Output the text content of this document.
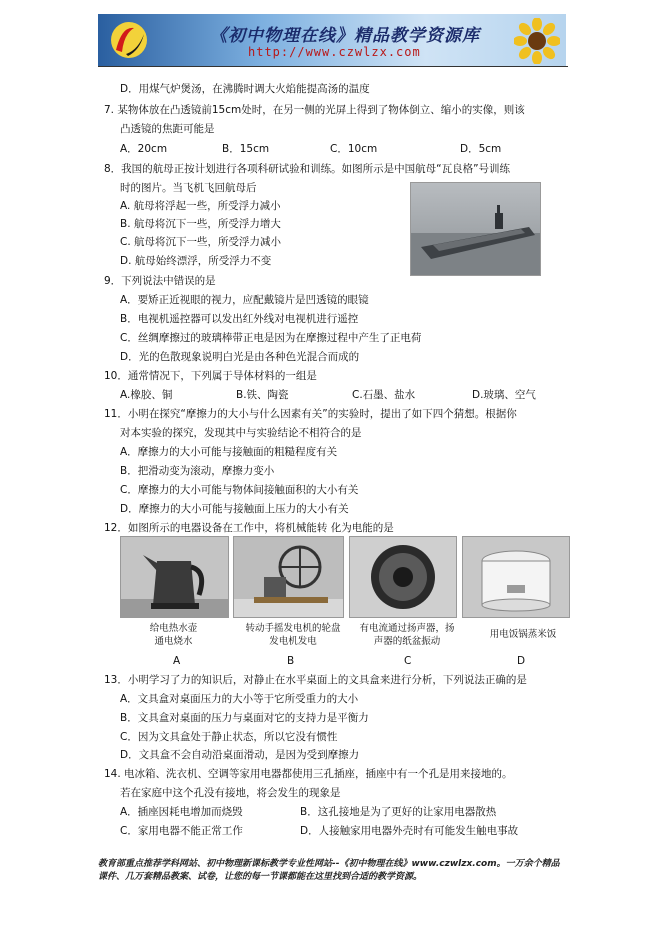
《初中物理在线》精品教学资源库
http://www.czwlzx.com
D．用煤气炉煲汤，在沸腾时调大火焰能提高汤的温度
7. 某物体放在凸透镜前15cm处时，在另一侧的光屏上得到了物体倒立、缩小的实像，则该
凸透镜的焦距可能是
A．20cm	B．15cm	C．10cm	D．5cm
8．我国的航母正按计划进行各项科研试验和训练。如图所示是中国航母“瓦良格”号训练
时的图片。当飞机飞回航母后
A. 航母将浮起一些，所受浮力减小
B. 航母将沉下一些，所受浮力增大
C. 航母将沉下一些，所受浮力减小
D. 航母始终漂浮，所受浮力不变
9．下列说法中错误的是
A．要矫正近视眼的视力，应配戴镜片是凹透镜的眼镜
B．电视机遥控器可以发出红外线对电视机进行遥控
C．丝绸摩擦过的玻璃棒带正电是因为在摩擦过程中产生了正电荷
D．光的色散现象说明白光是由各种色光混合而成的
10．通常情况下，下列属于导体材料的一组是
A.橡胶、铜	B.铁、陶瓷	C.石墨、盐水	D.玻璃、空气
11．小明在探究“摩擦力的大小与什么因素有关”的实验时，提出了如下四个猜想。根据你
对本实验的探究，发现其中与实验结论不相符合的是
A．摩擦力的大小可能与接触面的粗糙程度有关
B．把滑动变为滚动，摩擦力变小
C．摩擦力的大小可能与物体间接触面积的大小有关
D．摩擦力的大小可能与接触面上压力的大小有关
12．如图所示的电器设备在工作中，将机械能转 化为电能的是
给电热水壶
通电烧水
转动手摇发电机的轮盘
发电机发电
有电流通过扬声器，扬
声器的纸盆振动
用电饭锅蒸米饭
A	B	C	D
13．小明学习了力的知识后，对静止在水平桌面上的文具盒来进行分析，下列说法正确的是
A．文具盒对桌面压力的大小等于它所受重力的大小
B．文具盒对桌面的压力与桌面对它的支持力是平衡力
C．因为文具盒处于静止状态，所以它没有惯性
D．文具盒不会自动沿桌面滑动，是因为受到摩擦力
14. 电冰箱、洗衣机、空调等家用电器都使用三孔插座，插座中有一个孔是用来接地的。
若在家庭中这个孔没有接地，将会发生的现象是
A．插座因耗电增加而烧毁	B．这孔接地是为了更好的让家用电器散热
C．家用电器不能正常工作	D．人接触家用电器外壳时有可能发生触电事故
教育部重点推荐学科网站、初中物理新课标教学专业性网站--《初中物理在线》www.czwlzx.com。一万余个精品课件、几万套精品教案、试卷，让您的每一节课都能在这里找到合适的教学资源。
